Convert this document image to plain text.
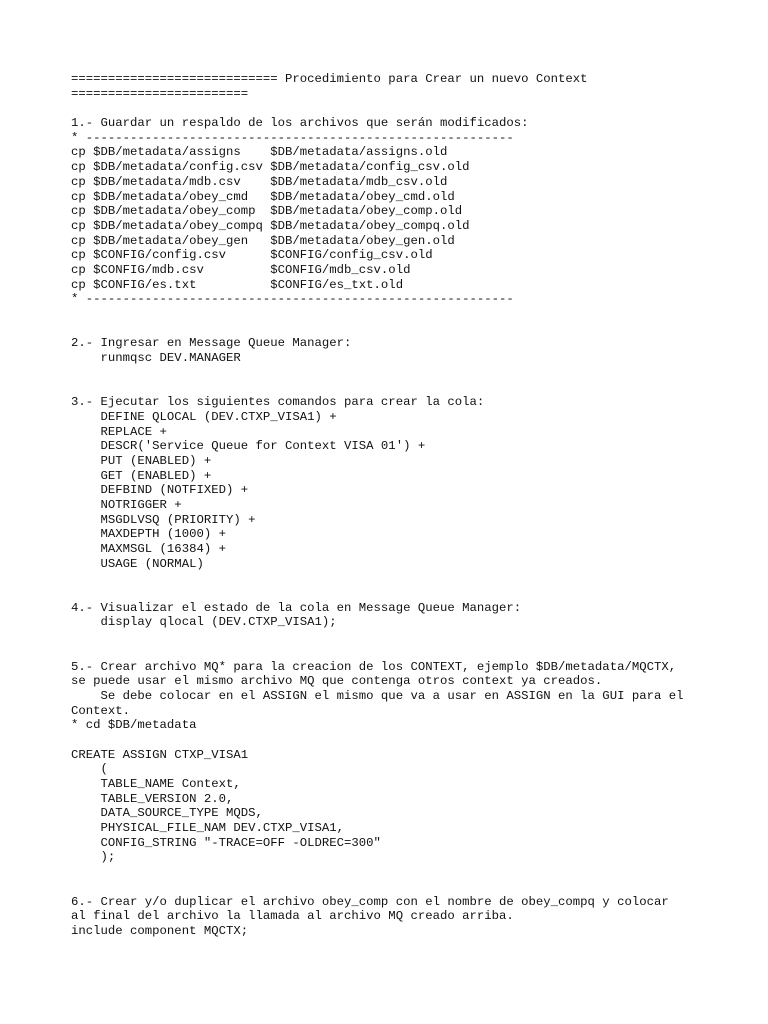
============================ Procedimiento para Crear un nuevo Context

========================

1.- Guardar un respaldo de los archivos que serán modificados:

* ----------------------------------------------------------

cp $DB/metadata/assigns    $DB/metadata/assigns.old

cp $DB/metadata/config.csv $DB/metadata/config_csv.old

cp $DB/metadata/mdb.csv    $DB/metadata/mdb_csv.old

cp $DB/metadata/obey_cmd   $DB/metadata/obey_cmd.old

cp $DB/metadata/obey_comp  $DB/metadata/obey_comp.old

cp $DB/metadata/obey_compq $DB/metadata/obey_compq.old

cp $DB/metadata/obey_gen   $DB/metadata/obey_gen.old

cp $CONFIG/config.csv      $CONFIG/config_csv.old

cp $CONFIG/mdb.csv         $CONFIG/mdb_csv.old

cp $CONFIG/es.txt          $CONFIG/es_txt.old

* ----------------------------------------------------------

2.- Ingresar en Message Queue Manager:

runmqsc DEV.MANAGER

3.- Ejecutar los siguientes comandos para crear la cola:

DEFINE QLOCAL (DEV.CTXP_VISA1) +

REPLACE +

DESCR('Service Queue for Context VISA 01') +

PUT (ENABLED) +

GET (ENABLED) +

DEFBIND (NOTFIXED) +

NOTRIGGER +

MSGDLVSQ (PRIORITY) +

MAXDEPTH (1000) +

MAXMSGL (16384) +

USAGE (NORMAL)

4.- Visualizar el estado de la cola en Message Queue Manager:

display qlocal (DEV.CTXP_VISA1);

5.- Crear archivo MQ* para la creacion de los CONTEXT, ejemplo $DB/metadata/MQCTX,

se puede usar el mismo archivo MQ que contenga otros context ya creados.

Se debe colocar en el ASSIGN el mismo que va a usar en ASSIGN en la GUI para el

Context.

* cd $DB/metadata

CREATE ASSIGN CTXP_VISA1

(

TABLE_NAME Context,

TABLE_VERSION 2.0,

DATA_SOURCE_TYPE MQDS,

PHYSICAL_FILE_NAM DEV.CTXP_VISA1,

CONFIG_STRING "-TRACE=OFF -OLDREC=300"

);

6.- Crear y/o duplicar el archivo obey_comp con el nombre de obey_compq y colocar

al final del archivo la llamada al archivo MQ creado arriba.

include component MQCTX;
